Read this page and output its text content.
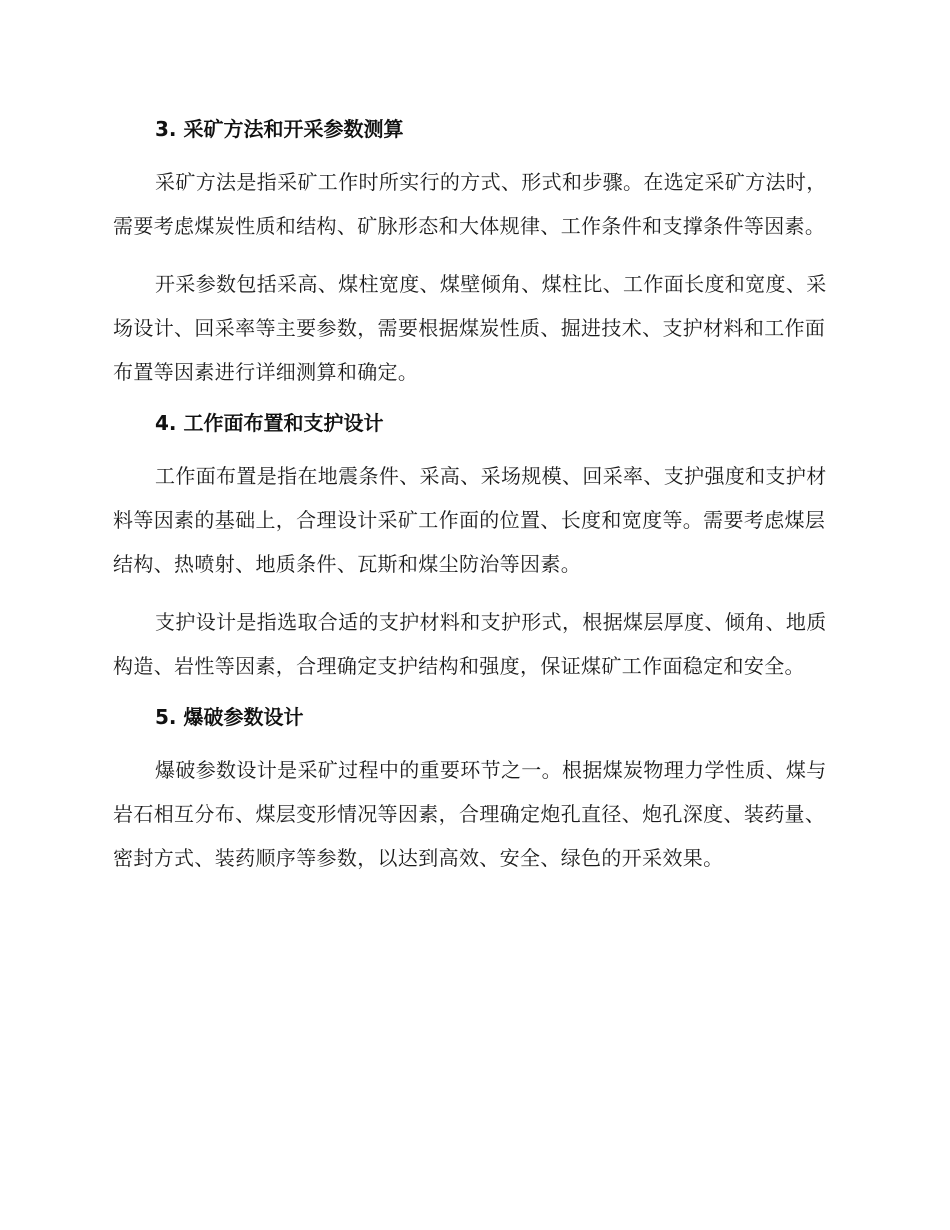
3. 采矿方法和开采参数测算

采矿方法是指采矿工作时所实行的方式、形式和步骤。在选定采矿方法时，需要考虑煤炭性质和结构、矿脉形态和大体规律、工作条件和支撑条件等因素。

开采参数包括采高、煤柱宽度、煤壁倾角、煤柱比、工作面长度和宽度、采场设计、回采率等主要参数，需要根据煤炭性质、掘进技术、支护材料和工作面布置等因素进行详细测算和确定。

4. 工作面布置和支护设计

工作面布置是指在地震条件、采高、采场规模、回采率、支护强度和支护材料等因素的基础上，合理设计采矿工作面的位置、长度和宽度等。需要考虑煤层结构、热喷射、地质条件、瓦斯和煤尘防治等因素。

支护设计是指选取合适的支护材料和支护形式，根据煤层厚度、倾角、地质构造、岩性等因素，合理确定支护结构和强度，保证煤矿工作面稳定和安全。

5. 爆破参数设计

爆破参数设计是采矿过程中的重要环节之一。根据煤炭物理力学性质、煤与岩石相互分布、煤层变形情况等因素，合理确定炮孔直径、炮孔深度、装药量、密封方式、装药顺序等参数，以达到高效、安全、绿色的开采效果。
